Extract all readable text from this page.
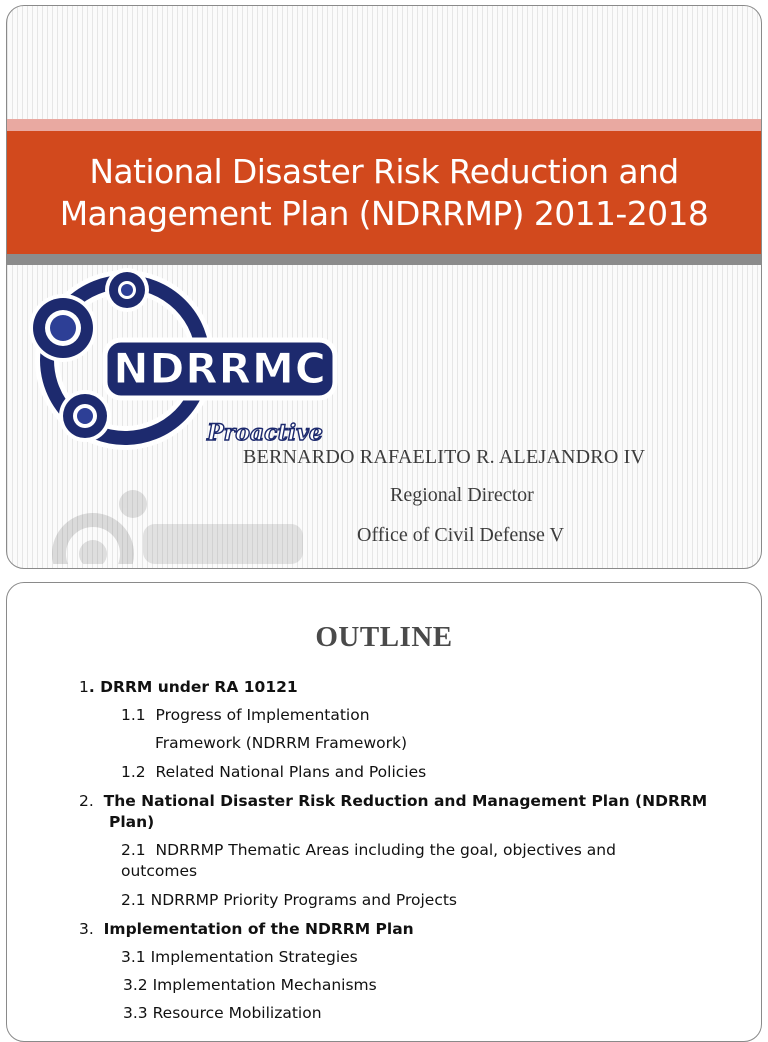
National Disaster Risk Reduction and
Management Plan (NDRRMP) 2011-2018
NDRRMC
Proactive
BERNARDO RAFAELITO R. ALEJANDRO IV
Regional Director
Office of Civil Defense V
OUTLINE
1. DRRM under RA 10121
1.1 Progress of Implementation
Framework (NDRRM Framework)
1.2 Related National Plans and Policies
2. The National Disaster Risk Reduction and Management Plan (NDRRM
Plan)
2.1 NDRRMP Thematic Areas including the goal, objectives and
outcomes
2.1 NDRRMP Priority Programs and Projects
3. Implementation of the NDRRM Plan
3.1 Implementation Strategies
3.2 Implementation Mechanisms
3.3 Resource Mobilization
